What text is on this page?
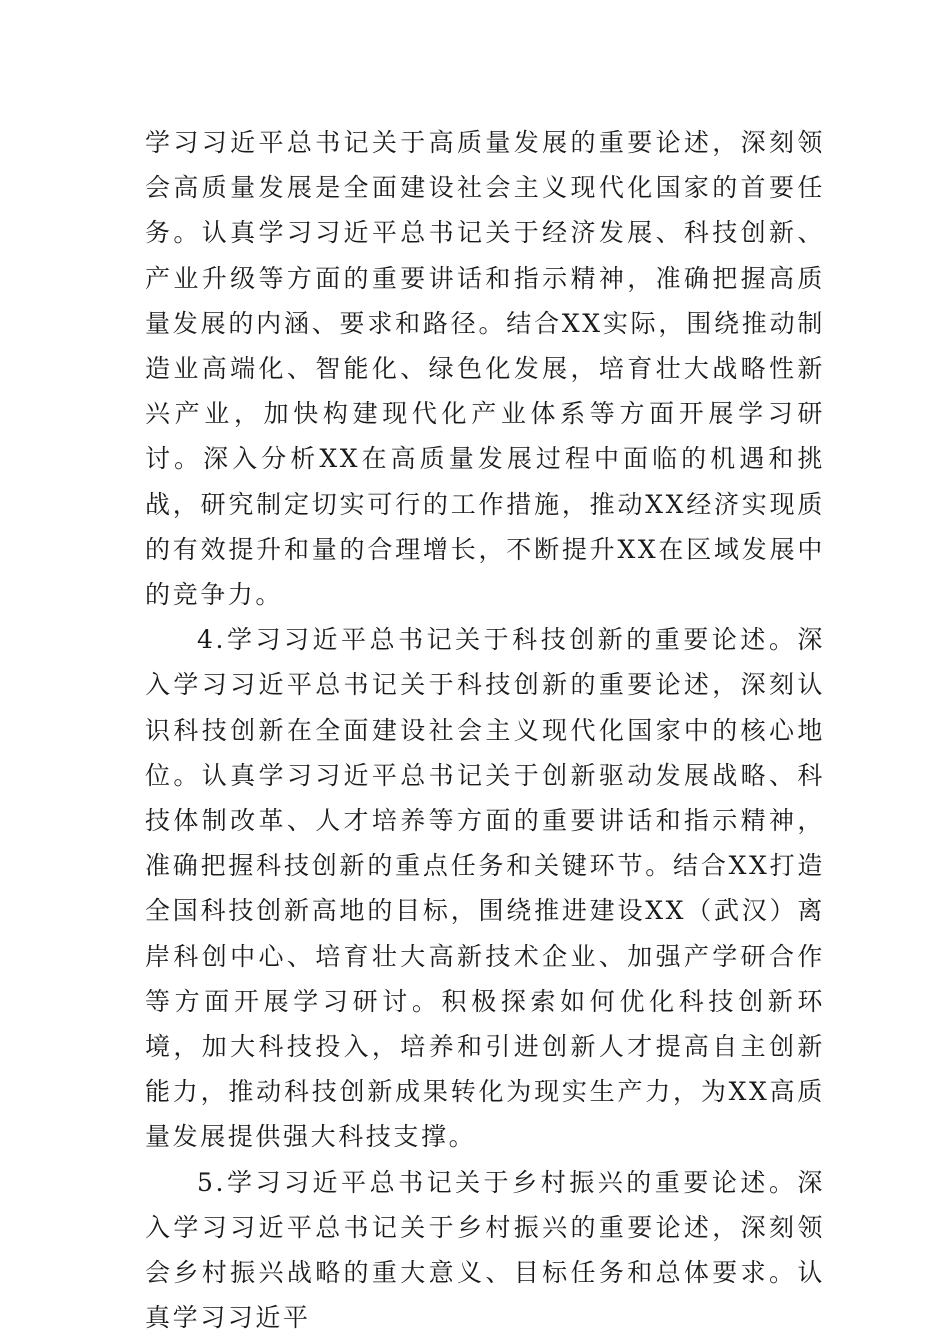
学习习近平总书记关于高质量发展的重要论述，深刻领会高质量发展是全面建设社会主义现代化国家的首要任务。认真学习习近平总书记关于经济发展、科技创新、产业升级等方面的重要讲话和指示精神，准确把握高质量发展的内涵、要求和路径。结合XX实际，围绕推动制造业高端化、智能化、绿色化发展，培育壮大战略性新兴产业，加快构建现代化产业体系等方面开展学习研讨。深入分析XX在高质量发展过程中面临的机遇和挑战，研究制定切实可行的工作措施，推动XX经济实现质的有效提升和量的合理增长，不断提升XX在区域发展中的竞争力。

4.学习习近平总书记关于科技创新的重要论述。深入学习习近平总书记关于科技创新的重要论述，深刻认识科技创新在全面建设社会主义现代化国家中的核心地位。认真学习习近平总书记关于创新驱动发展战略、科技体制改革、人才培养等方面的重要讲话和指示精神，准确把握科技创新的重点任务和关键环节。结合XX打造全国科技创新高地的目标，围绕推进建设XX（武汉）离岸科创中心、培育壮大高新技术企业、加强产学研合作等方面开展学习研讨。积极探索如何优化科技创新环境，加大科技投入，培养和引进创新人才提高自主创新能力，推动科技创新成果转化为现实生产力，为XX高质量发展提供强大科技支撑。

5.学习习近平总书记关于乡村振兴的重要论述。深入学习习近平总书记关于乡村振兴的重要论述，深刻领会乡村振兴战略的重大意义、目标任务和总体要求。认真学习习近平
